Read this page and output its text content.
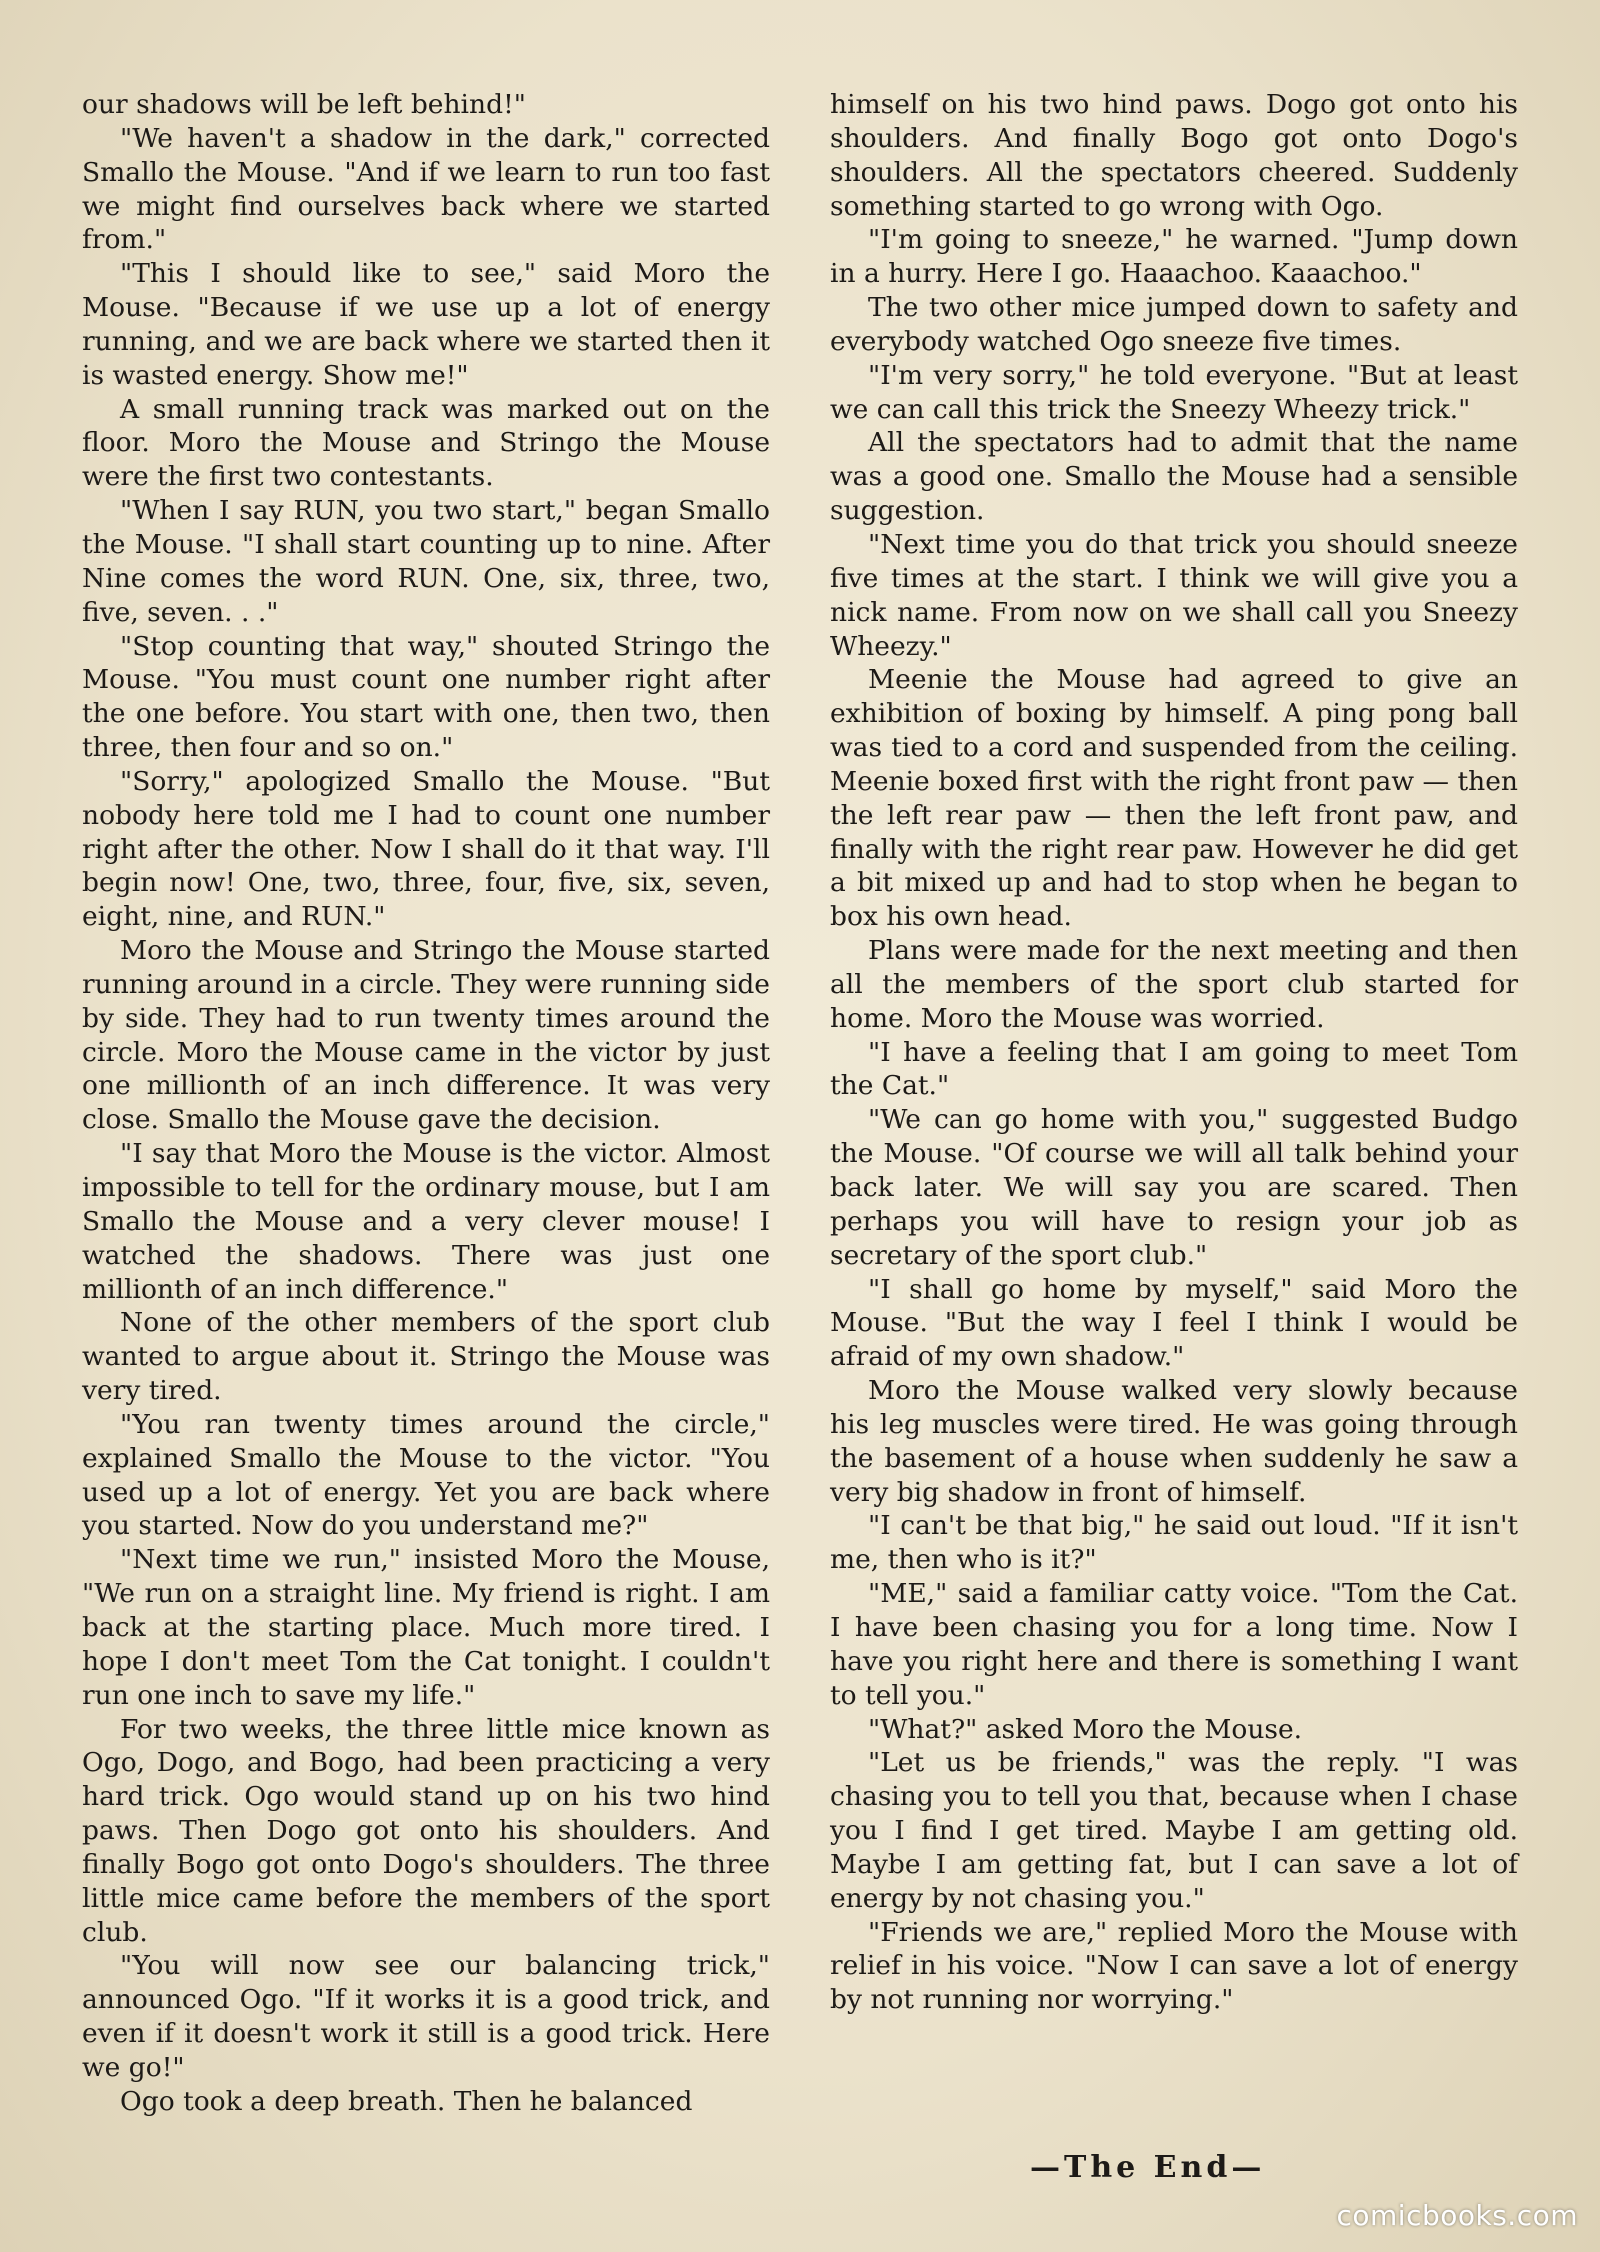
our shadows will be left behind!"

"We haven't a shadow in the dark," corrected Smallo the Mouse. "And if we learn to run too fast we might find ourselves back where we started from."

"This I should like to see," said Moro the Mouse. "Because if we use up a lot of energy running, and we are back where we started then it is wasted energy. Show me!"

A small running track was marked out on the floor. Moro the Mouse and Stringo the Mouse were the first two contestants.

"When I say RUN, you two start," began Smallo the Mouse. "I shall start counting up to nine. After Nine comes the word RUN. One, six, three, two, five, seven. . ."

"Stop counting that way," shouted Stringo the Mouse. "You must count one number right after the one before. You start with one, then two, then three, then four and so on."

"Sorry," apologized Smallo the Mouse. "But nobody here told me I had to count one number right after the other. Now I shall do it that way. I'll begin now! One, two, three, four, five, six, seven, eight, nine, and RUN."

Moro the Mouse and Stringo the Mouse started running around in a circle. They were running side by side. They had to run twenty times around the circle. Moro the Mouse came in the victor by just one millionth of an inch difference. It was very close. Smallo the Mouse gave the decision.

"I say that Moro the Mouse is the victor. Almost impossible to tell for the ordinary mouse, but I am Smallo the Mouse and a very clever mouse! I watched the shadows. There was just one millionth of an inch difference."

None of the other members of the sport club wanted to argue about it. Stringo the Mouse was very tired.

"You ran twenty times around the circle," explained Smallo the Mouse to the victor. "You used up a lot of energy. Yet you are back where you started. Now do you understand me?"

"Next time we run," insisted Moro the Mouse, "We run on a straight line. My friend is right. I am back at the starting place. Much more tired. I hope I don't meet Tom the Cat tonight. I couldn't run one inch to save my life."

For two weeks, the three little mice known as Ogo, Dogo, and Bogo, had been practicing a very hard trick. Ogo would stand up on his two hind paws. Then Dogo got onto his shoulders. And finally Bogo got onto Dogo's shoulders. The three little mice came before the members of the sport club.

"You will now see our balancing trick," announced Ogo. "If it works it is a good trick, and even if it doesn't work it still is a good trick. Here we go!"

Ogo took a deep breath. Then he balanced

himself on his two hind paws. Dogo got onto his shoulders. And finally Bogo got onto Dogo's shoulders. All the spectators cheered. Suddenly something started to go wrong with Ogo.

"I'm going to sneeze," he warned. "Jump down in a hurry. Here I go. Haaachoo. Kaaachoo."

The two other mice jumped down to safety and everybody watched Ogo sneeze five times.

"I'm very sorry," he told everyone. "But at least we can call this trick the Sneezy Wheezy trick."

All the spectators had to admit that the name was a good one. Smallo the Mouse had a sensible suggestion.

"Next time you do that trick you should sneeze five times at the start. I think we will give you a nick name. From now on we shall call you Sneezy Wheezy."

Meenie the Mouse had agreed to give an exhibition of boxing by himself. A ping pong ball was tied to a cord and suspended from the ceiling. Meenie boxed first with the right front paw — then the left rear paw — then the left front paw, and finally with the right rear paw. However he did get a bit mixed up and had to stop when he began to box his own head.

Plans were made for the next meeting and then all the members of the sport club started for home. Moro the Mouse was worried.

"I have a feeling that I am going to meet Tom the Cat."

"We can go home with you," suggested Budgo the Mouse. "Of course we will all talk behind your back later. We will say you are scared. Then perhaps you will have to resign your job as secretary of the sport club."

"I shall go home by myself," said Moro the Mouse. "But the way I feel I think I would be afraid of my own shadow."

Moro the Mouse walked very slowly because his leg muscles were tired. He was going through the basement of a house when suddenly he saw a very big shadow in front of himself.

"I can't be that big," he said out loud. "If it isn't me, then who is it?"

"ME," said a familiar catty voice. "Tom the Cat. I have been chasing you for a long time. Now I have you right here and there is something I want to tell you."

"What?" asked Moro the Mouse.

"Let us be friends," was the reply. "I was chasing you to tell you that, because when I chase you I find I get tired. Maybe I am getting old. Maybe I am getting fat, but I can save a lot of energy by not chasing you."

"Friends we are," replied Moro the Mouse with relief in his voice. "Now I can save a lot of energy by not running nor worrying."

—The End—
comicbooks.com
